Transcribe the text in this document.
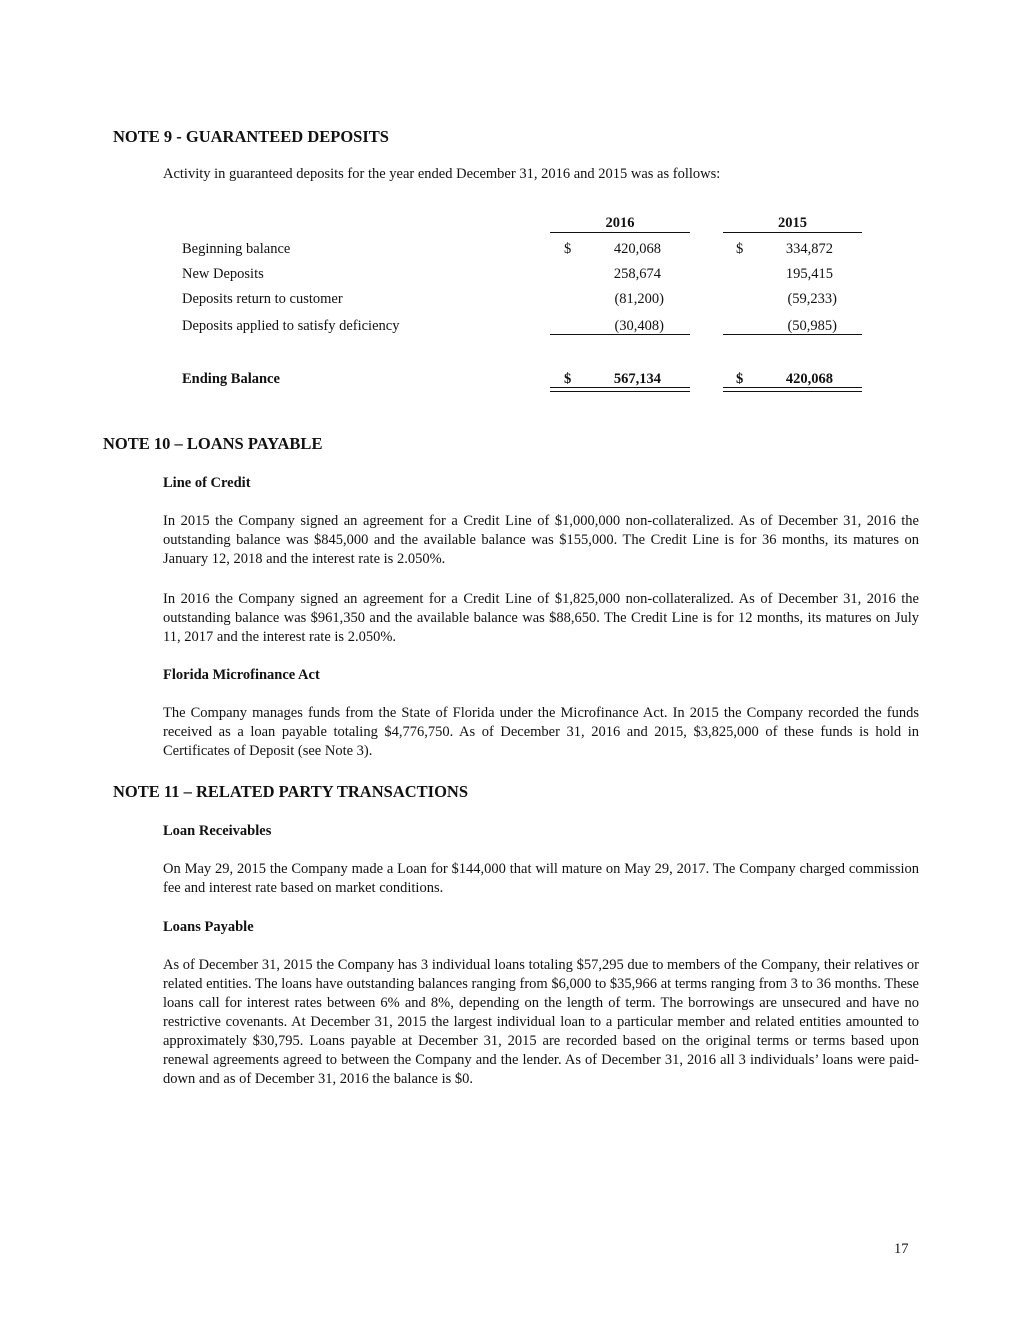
NOTE 9 - GUARANTEED DEPOSITS
Activity in guaranteed deposits for the year ended December 31, 2016 and 2015 was as follows:
2016	2015
Beginning balance	$	420,068	$	334,872
New Deposits	258,674	195,415
Deposits return to customer	(81,200)	(59,233)
Deposits applied to satisfy deficiency	(30,408)	(50,985)
Ending Balance	$	567,134	$	420,068
NOTE 10 – LOANS PAYABLE
Line of Credit
In 2015 the Company signed an agreement for a Credit Line of $1,000,000 non-collateralized. As of December 31, 2016 the outstanding balance was $845,000 and the available balance was $155,000. The Credit Line is for 36 months, its matures on January 12, 2018 and the interest rate is 2.050%.
In 2016 the Company signed an agreement for a Credit Line of $1,825,000 non-collateralized. As of December 31, 2016 the outstanding balance was $961,350 and the available balance was $88,650. The Credit Line is for 12 months, its matures on July 11, 2017 and the interest rate is 2.050%.
Florida Microfinance Act
The Company manages funds from the State of Florida under the Microfinance Act. In 2015 the Company recorded the funds received as a loan payable totaling $4,776,750. As of December 31, 2016 and 2015, $3,825,000 of these funds is hold in Certificates of Deposit (see Note 3).
NOTE 11 – RELATED PARTY TRANSACTIONS
Loan Receivables
On May 29, 2015 the Company made a Loan for $144,000 that will mature on May 29, 2017. The Company charged commission fee and interest rate based on market conditions.
Loans Payable
As of December 31, 2015 the Company has 3 individual loans totaling $57,295 due to members of the Company, their relatives or related entities. The loans have outstanding balances ranging from $6,000 to $35,966 at terms ranging from 3 to 36 months. These loans call for interest rates between 6% and 8%, depending on the length of term. The borrowings are unsecured and have no restrictive covenants. At December 31, 2015 the largest individual loan to a particular member and related entities amounted to approximately $30,795. Loans payable at December 31, 2015 are recorded based on the original terms or terms based upon renewal agreements agreed to between the Company and the lender. As of December 31, 2016 all 3 individuals’ loans were paid-down and as of December 31, 2016 the balance is $0.
17
